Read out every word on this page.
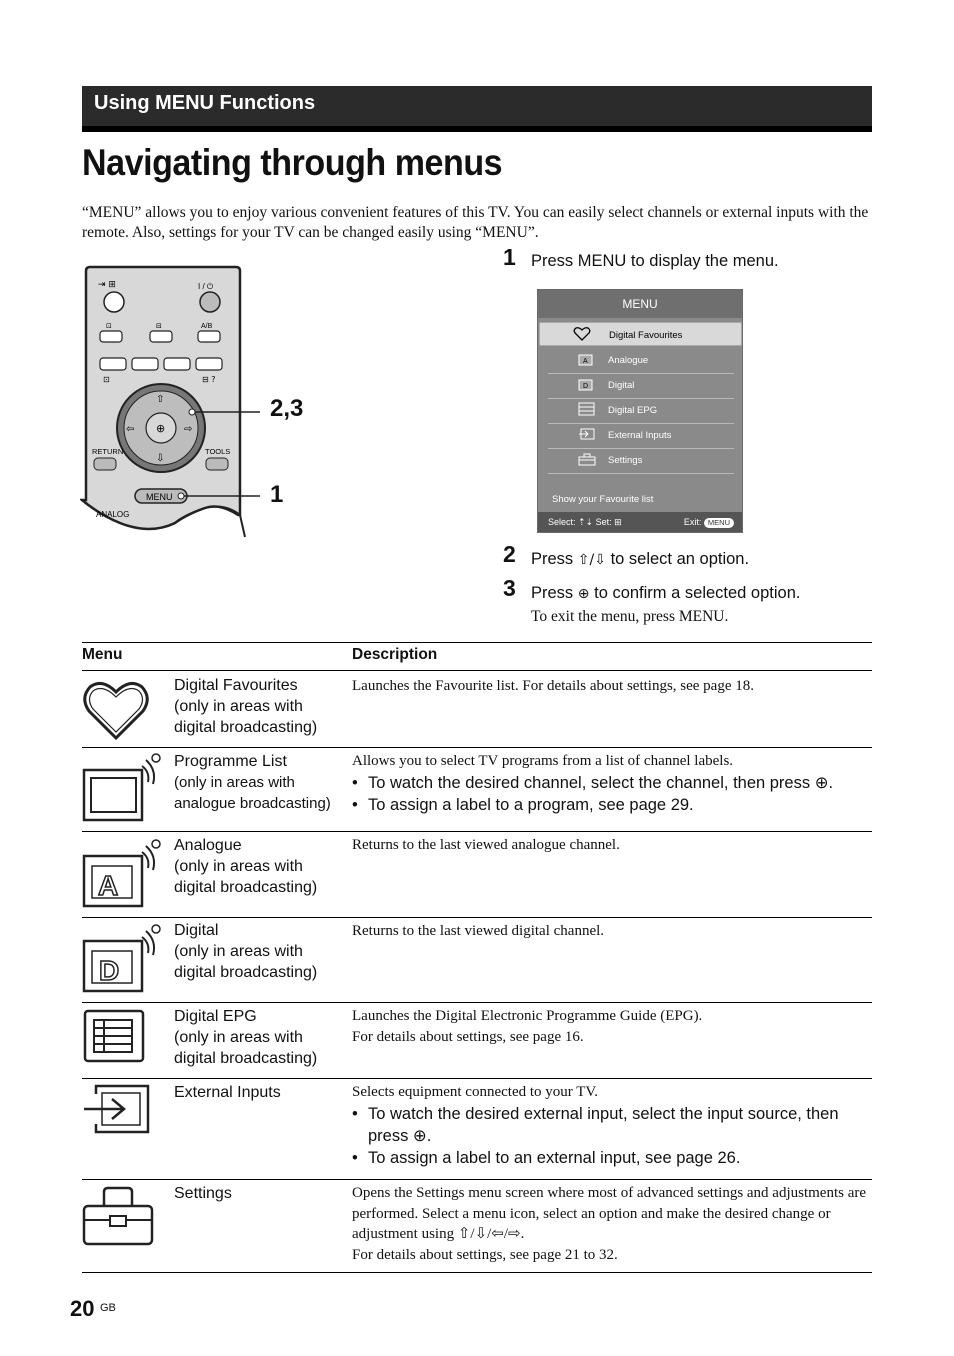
Using MENU Functions
Navigating through menus

“MENU” allows you to enjoy various convenient features of this TV. You can easily select channels or external inputs with the remote. Also, settings for your TV can be changed easily using “MENU”.

⇥ ⊞	I / ⏻
⊡	⊟	A/B
⊡	⊟ ?
⊕
⇧
⇩
⇦	⇨
RETURN	TOOLS
MENU
ANALOG
2,3
1
1 Press MENU to display the menu.
MENU
Digital Favourites
A Analogue
D Digital
Digital EPG
External Inputs
Settings
Show your Favourite list
Select: ⇡⇣ Set: ⊞	Exit: MENU
2 Press ⇧/⇩ to select an option.
3 Press ⊕ to confirm a selected option.
To exit the menu, press MENU.
Menu	Description
Digital Favourites
(only in areas with digital broadcasting)
Launches the Favourite list. For details about settings, see page 18.
Programme List
(only in areas with analogue broadcasting)
Allows you to select TV programs from a list of channel labels.
• To watch the desired channel, select the channel, then press ⊕.
• To assign a label to a program, see page 29.
A
Analogue
(only in areas with digital broadcasting)
Returns to the last viewed analogue channel.
D
Digital
(only in areas with digital broadcasting)
Returns to the last viewed digital channel.
Digital EPG
(only in areas with digital broadcasting)
Launches the Digital Electronic Programme Guide (EPG).
For details about settings, see page 16.
External Inputs	Selects equipment connected to your TV.
• To watch the desired external input, select the input source, then press ⊕.
• To assign a label to an external input, see page 26.
Settings	Opens the Settings menu screen where most of advanced settings and adjustments are performed. Select a menu icon, select an option and make the desired change or adjustment using ⇧/⇩/⇦/⇨.
For details about settings, see page 21 to 32.
20 GB
